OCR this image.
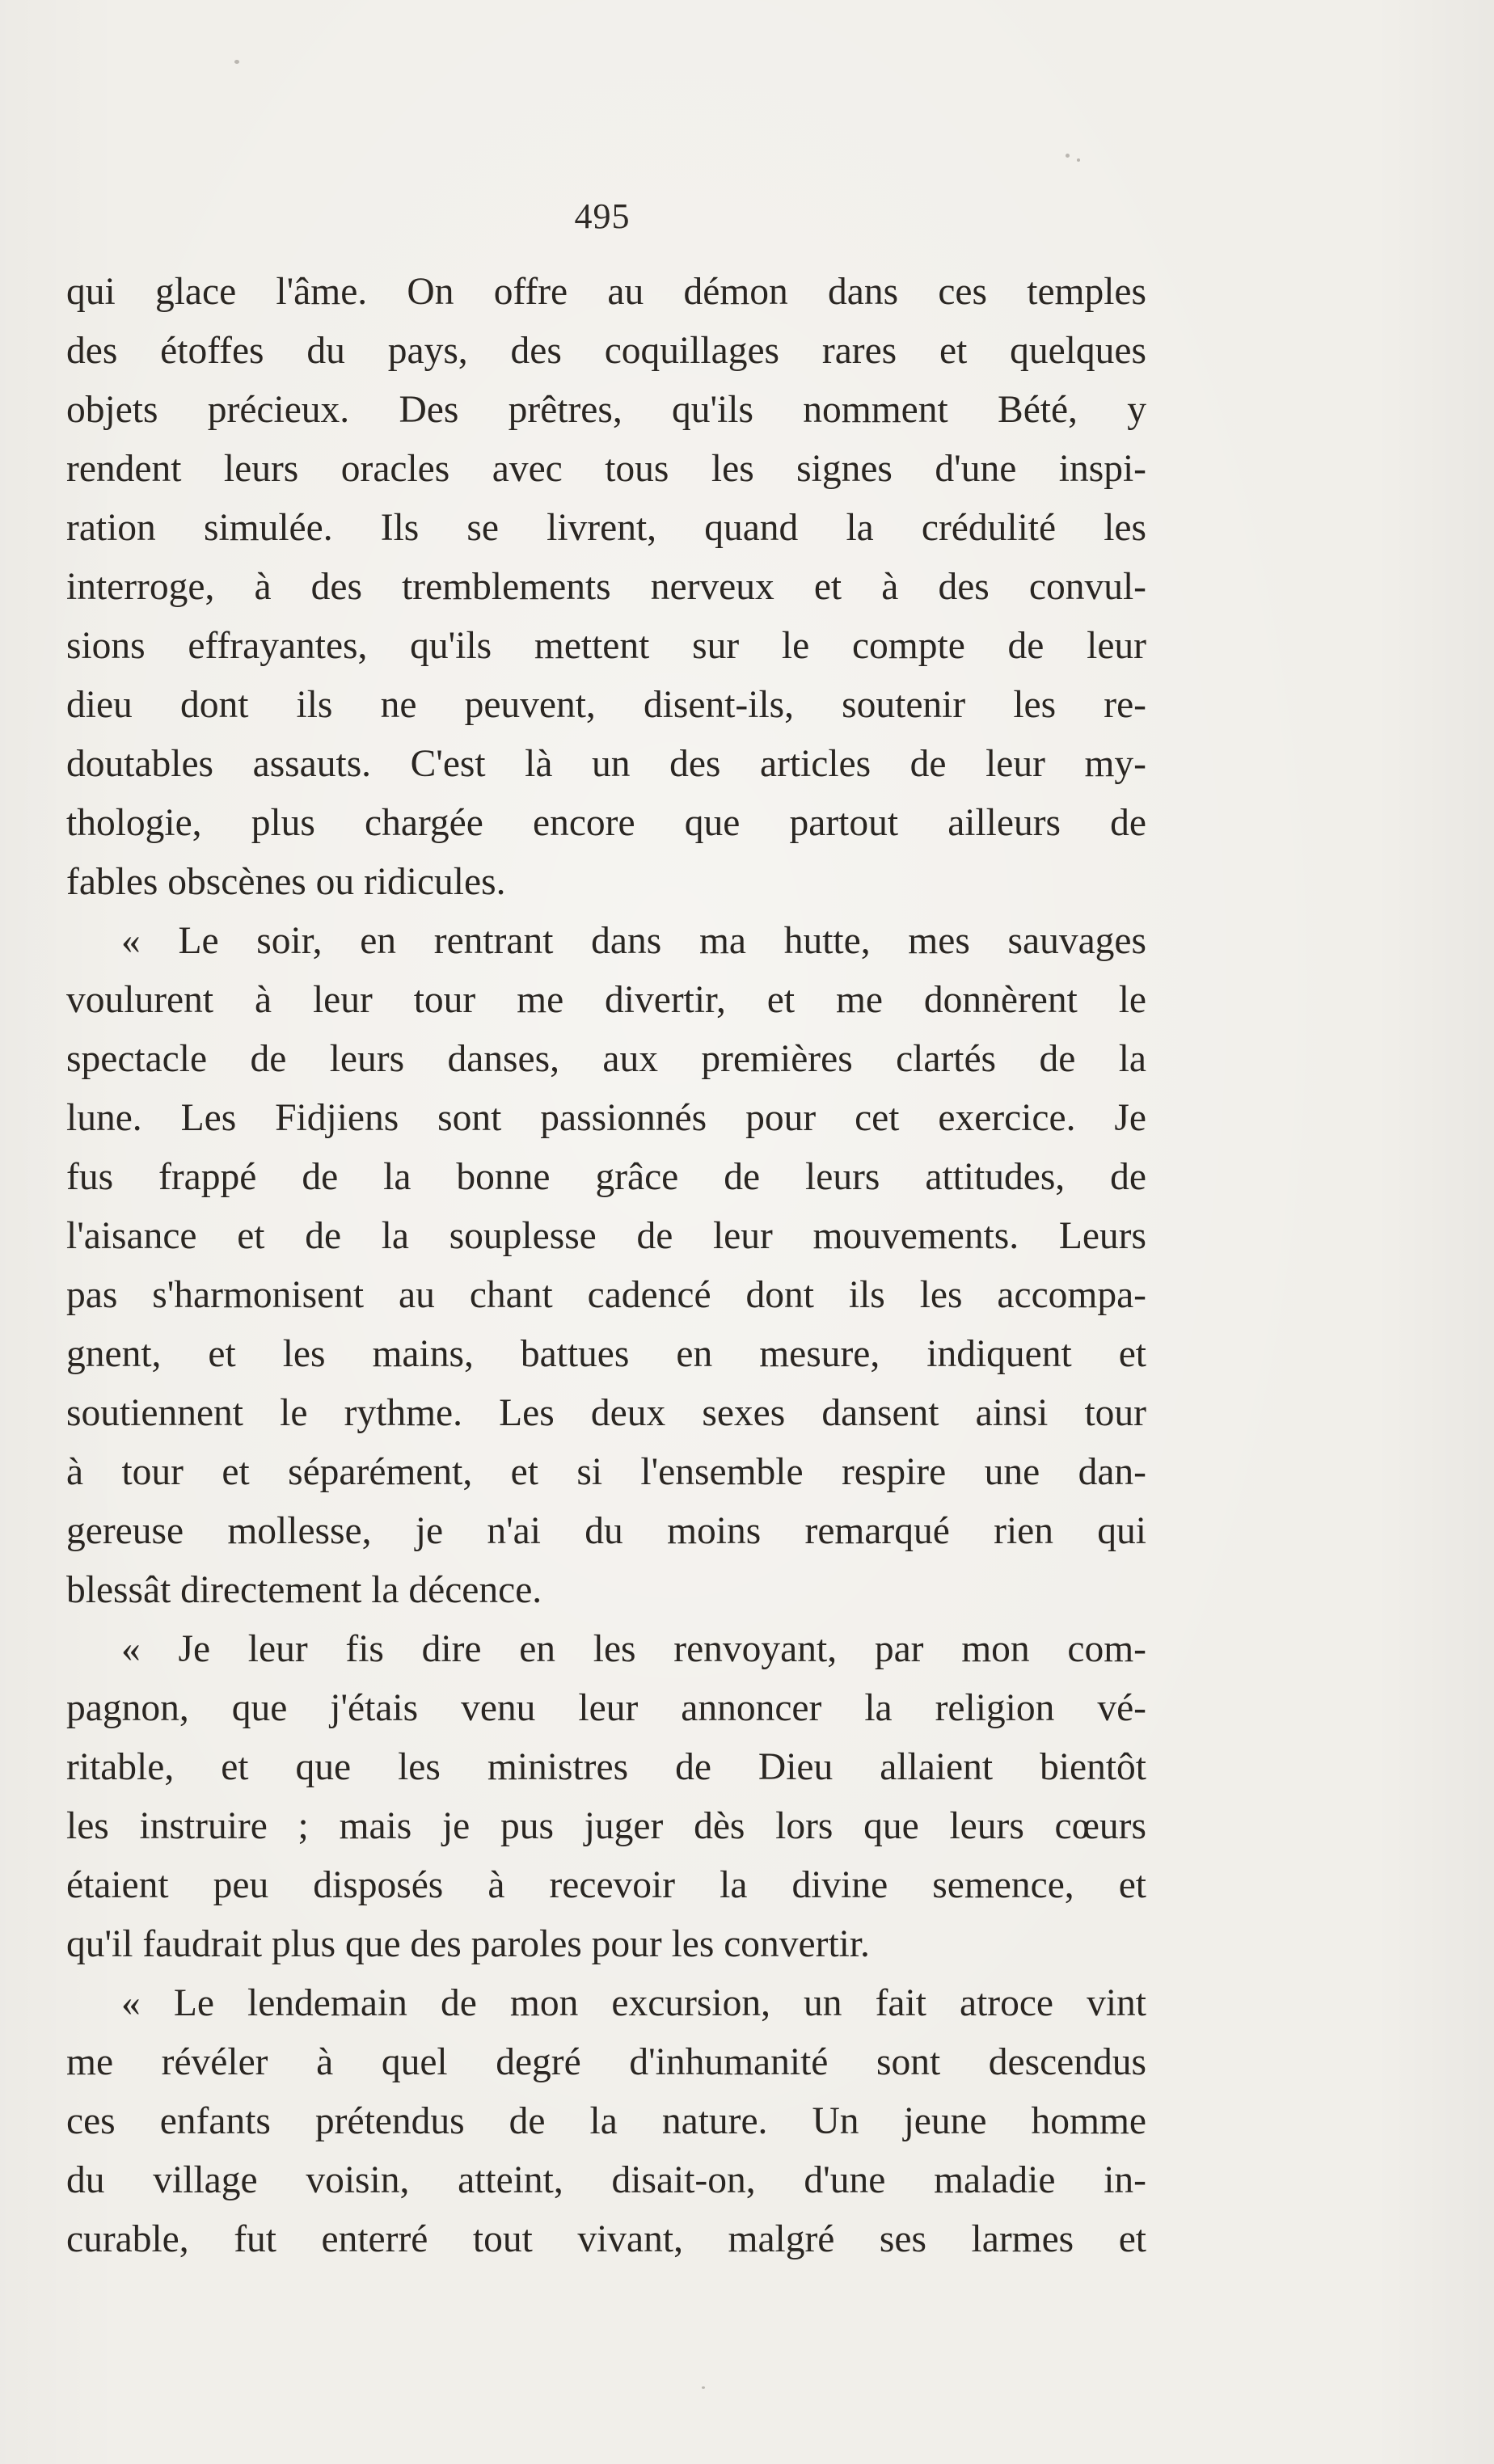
495
qui glace l'âme. On offre au démon dans ces temples
des étoffes du pays, des coquillages rares et quelques
objets précieux. Des prêtres, qu'ils nomment Bété, y
rendent leurs oracles avec tous les signes d'une inspi-
ration simulée. Ils se livrent, quand la crédulité les
interroge, à des tremblements nerveux et à des convul-
sions effrayantes, qu'ils mettent sur le compte de leur
dieu dont ils ne peuvent, disent-ils, soutenir les re-
doutables assauts. C'est là un des articles de leur my-
thologie, plus chargée encore que partout ailleurs de
fables obscènes ou ridicules.
« Le soir, en rentrant dans ma hutte, mes sauvages
voulurent à leur tour me divertir, et me donnèrent le
spectacle de leurs danses, aux premières clartés de la
lune. Les Fidjiens sont passionnés pour cet exercice. Je
fus frappé de la bonne grâce de leurs attitudes, de
l'aisance et de la souplesse de leur mouvements. Leurs
pas s'harmonisent au chant cadencé dont ils les accompa-
gnent, et les mains, battues en mesure, indiquent et
soutiennent le rythme. Les deux sexes dansent ainsi tour
à tour et séparément, et si l'ensemble respire une dan-
gereuse mollesse, je n'ai du moins remarqué rien qui
blessât directement la décence.
« Je leur fis dire en les renvoyant, par mon com-
pagnon, que j'étais venu leur annoncer la religion vé-
ritable, et que les ministres de Dieu allaient bientôt
les instruire ; mais je pus juger dès lors que leurs cœurs
étaient peu disposés à recevoir la divine semence, et
qu'il faudrait plus que des paroles pour les convertir.
« Le lendemain de mon excursion, un fait atroce vint
me révéler à quel degré d'inhumanité sont descendus
ces enfants prétendus de la nature. Un jeune homme
du village voisin, atteint, disait-on, d'une maladie in-
curable, fut enterré tout vivant, malgré ses larmes et
